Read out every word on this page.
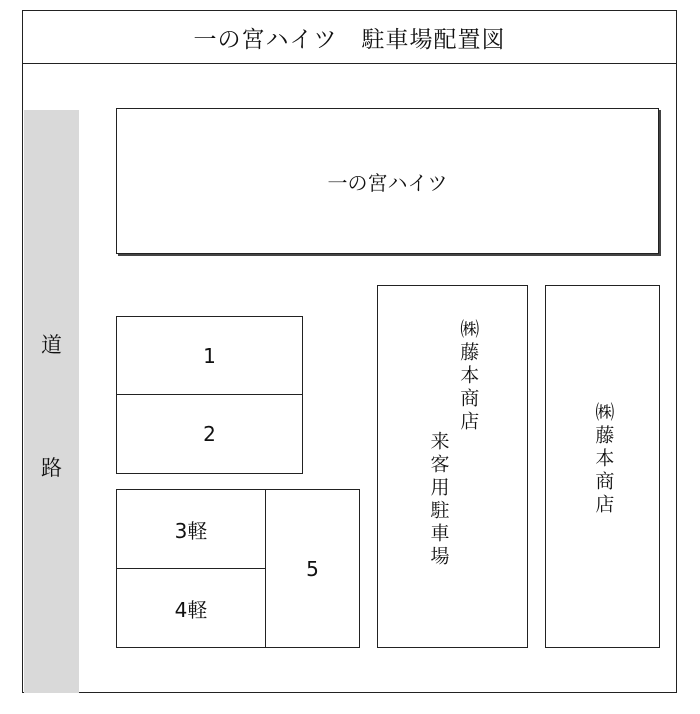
一の宮ハイツ　駐車場配置図
道
路
一の宮ハイツ
1
2
3軽
4軽
5
㈱藤本商店
来客用駐車場	㈱藤本商店
